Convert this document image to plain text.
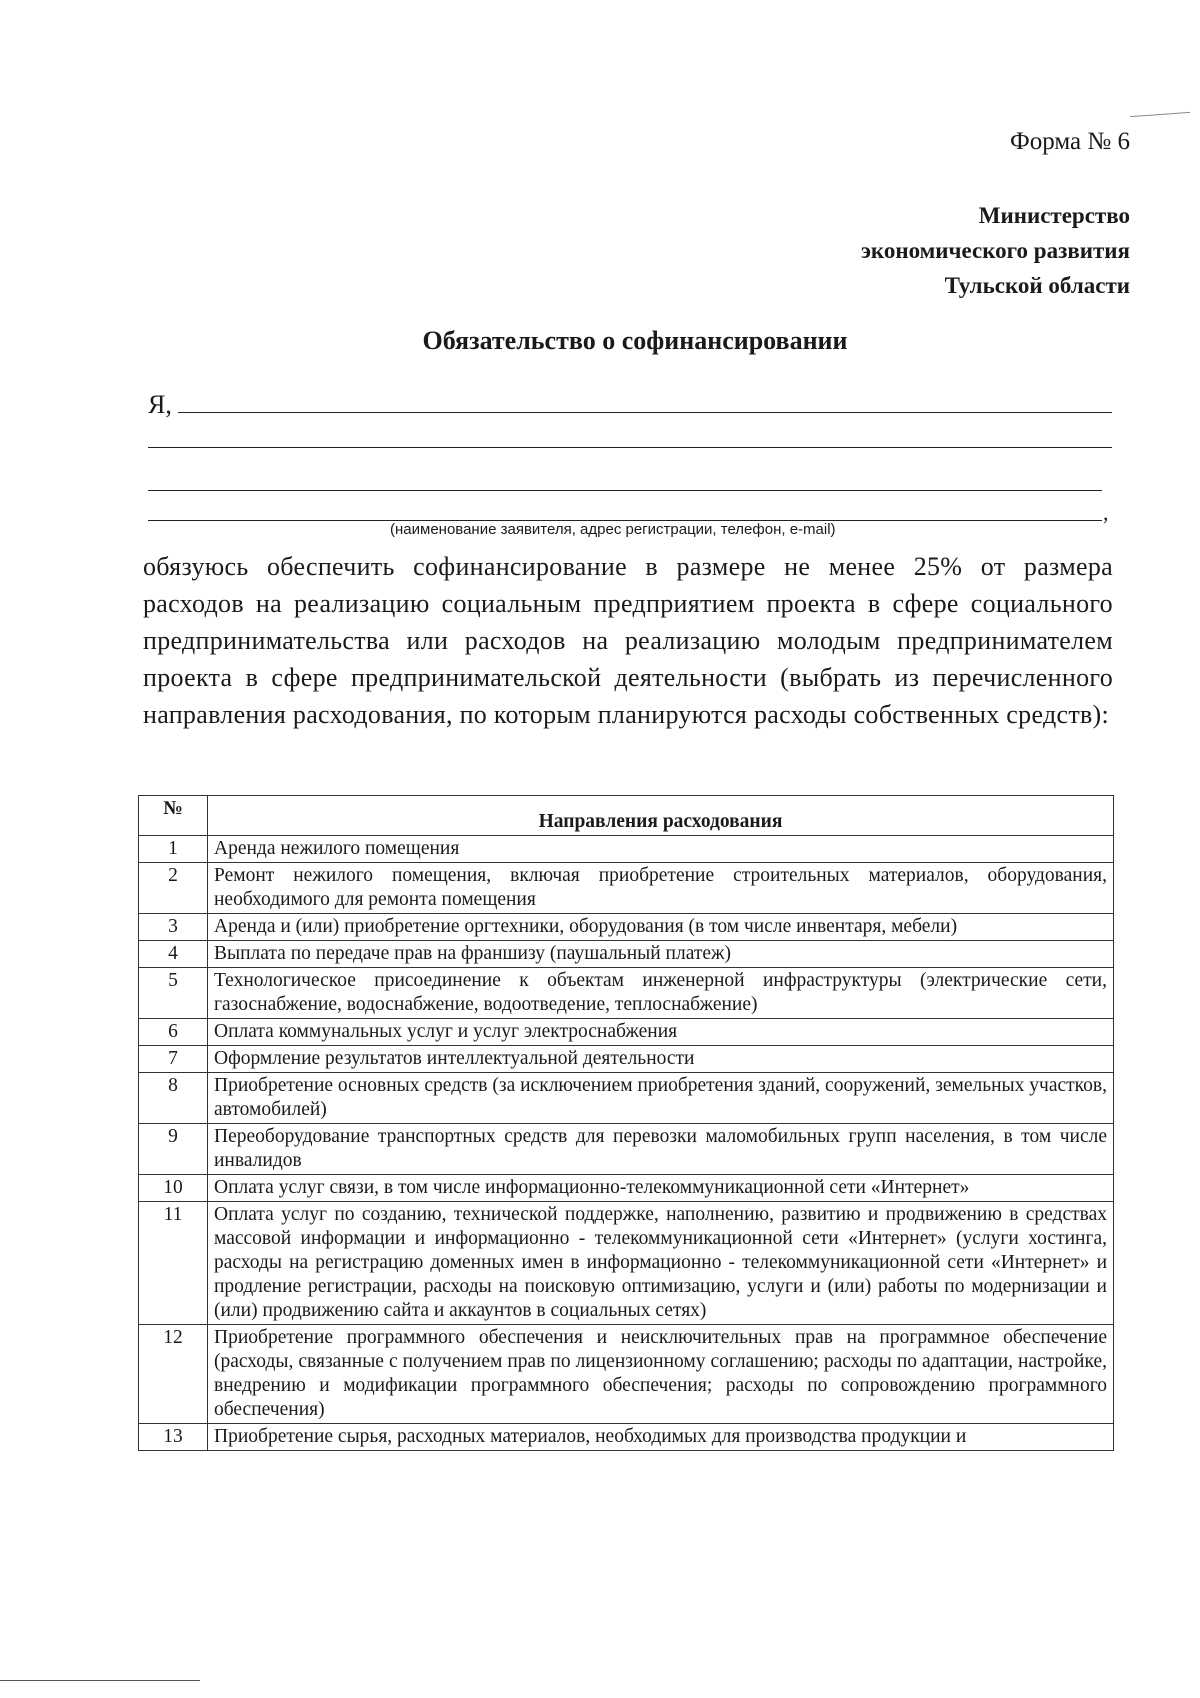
Форма № 6
Министерство
экономического развития
Тульской области
Обязательство о софинансировании
Я,
,
(наименование заявителя, адрес регистрации, телефон, e-mail)
обязуюсь обеспечить софинансирование в размере не менее 25% от размера расходов на реализацию социальным предприятием проекта в сфере социального предпринимательства или расходов на реализацию молодым предпринимателем проекта в сфере предпринимательской деятельности (выбрать из перечисленного направления расходования, по которым планируются расходы собственных средств):
№	Направления расходования
1	Аренда нежилого помещения
2	Ремонт нежилого помещения, включая приобретение строительных материалов, оборудования, необходимого для ремонта помещения
3	Аренда и (или) приобретение оргтехники, оборудования (в том числе инвентаря, мебели)
4	Выплата по передаче прав на франшизу (паушальный платеж)
5	Технологическое присоединение к объектам инженерной инфраструктуры (электрические сети, газоснабжение, водоснабжение, водоотведение, теплоснабжение)
6	Оплата коммунальных услуг и услуг электроснабжения
7	Оформление результатов интеллектуальной деятельности
8	Приобретение основных средств (за исключением приобретения зданий, сооружений, земельных участков, автомобилей)
9	Переоборудование транспортных средств для перевозки маломобильных групп населения, в том числе инвалидов
10	Оплата услуг связи, в том числе информационно-телекоммуникационной сети «Интернет»
11	Оплата услуг по созданию, технической поддержке, наполнению, развитию и продвижению в средствах массовой информации и информационно - телекоммуникационной сети «Интернет» (услуги хостинга, расходы на регистрацию доменных имен в информационно - телекоммуникационной сети «Интернет» и продление регистрации, расходы на поисковую оптимизацию, услуги и (или) работы по модернизации и (или) продвижению сайта и аккаунтов в социальных сетях)
12	Приобретение программного обеспечения и неисключительных прав на программное обеспечение (расходы, связанные с получением прав по лицензионному соглашению; расходы по адаптации, настройке, внедрению и модификации программного обеспечения; расходы по сопровождению программного обеспечения)
13	Приобретение сырья, расходных материалов, необходимых для производства продукции и
